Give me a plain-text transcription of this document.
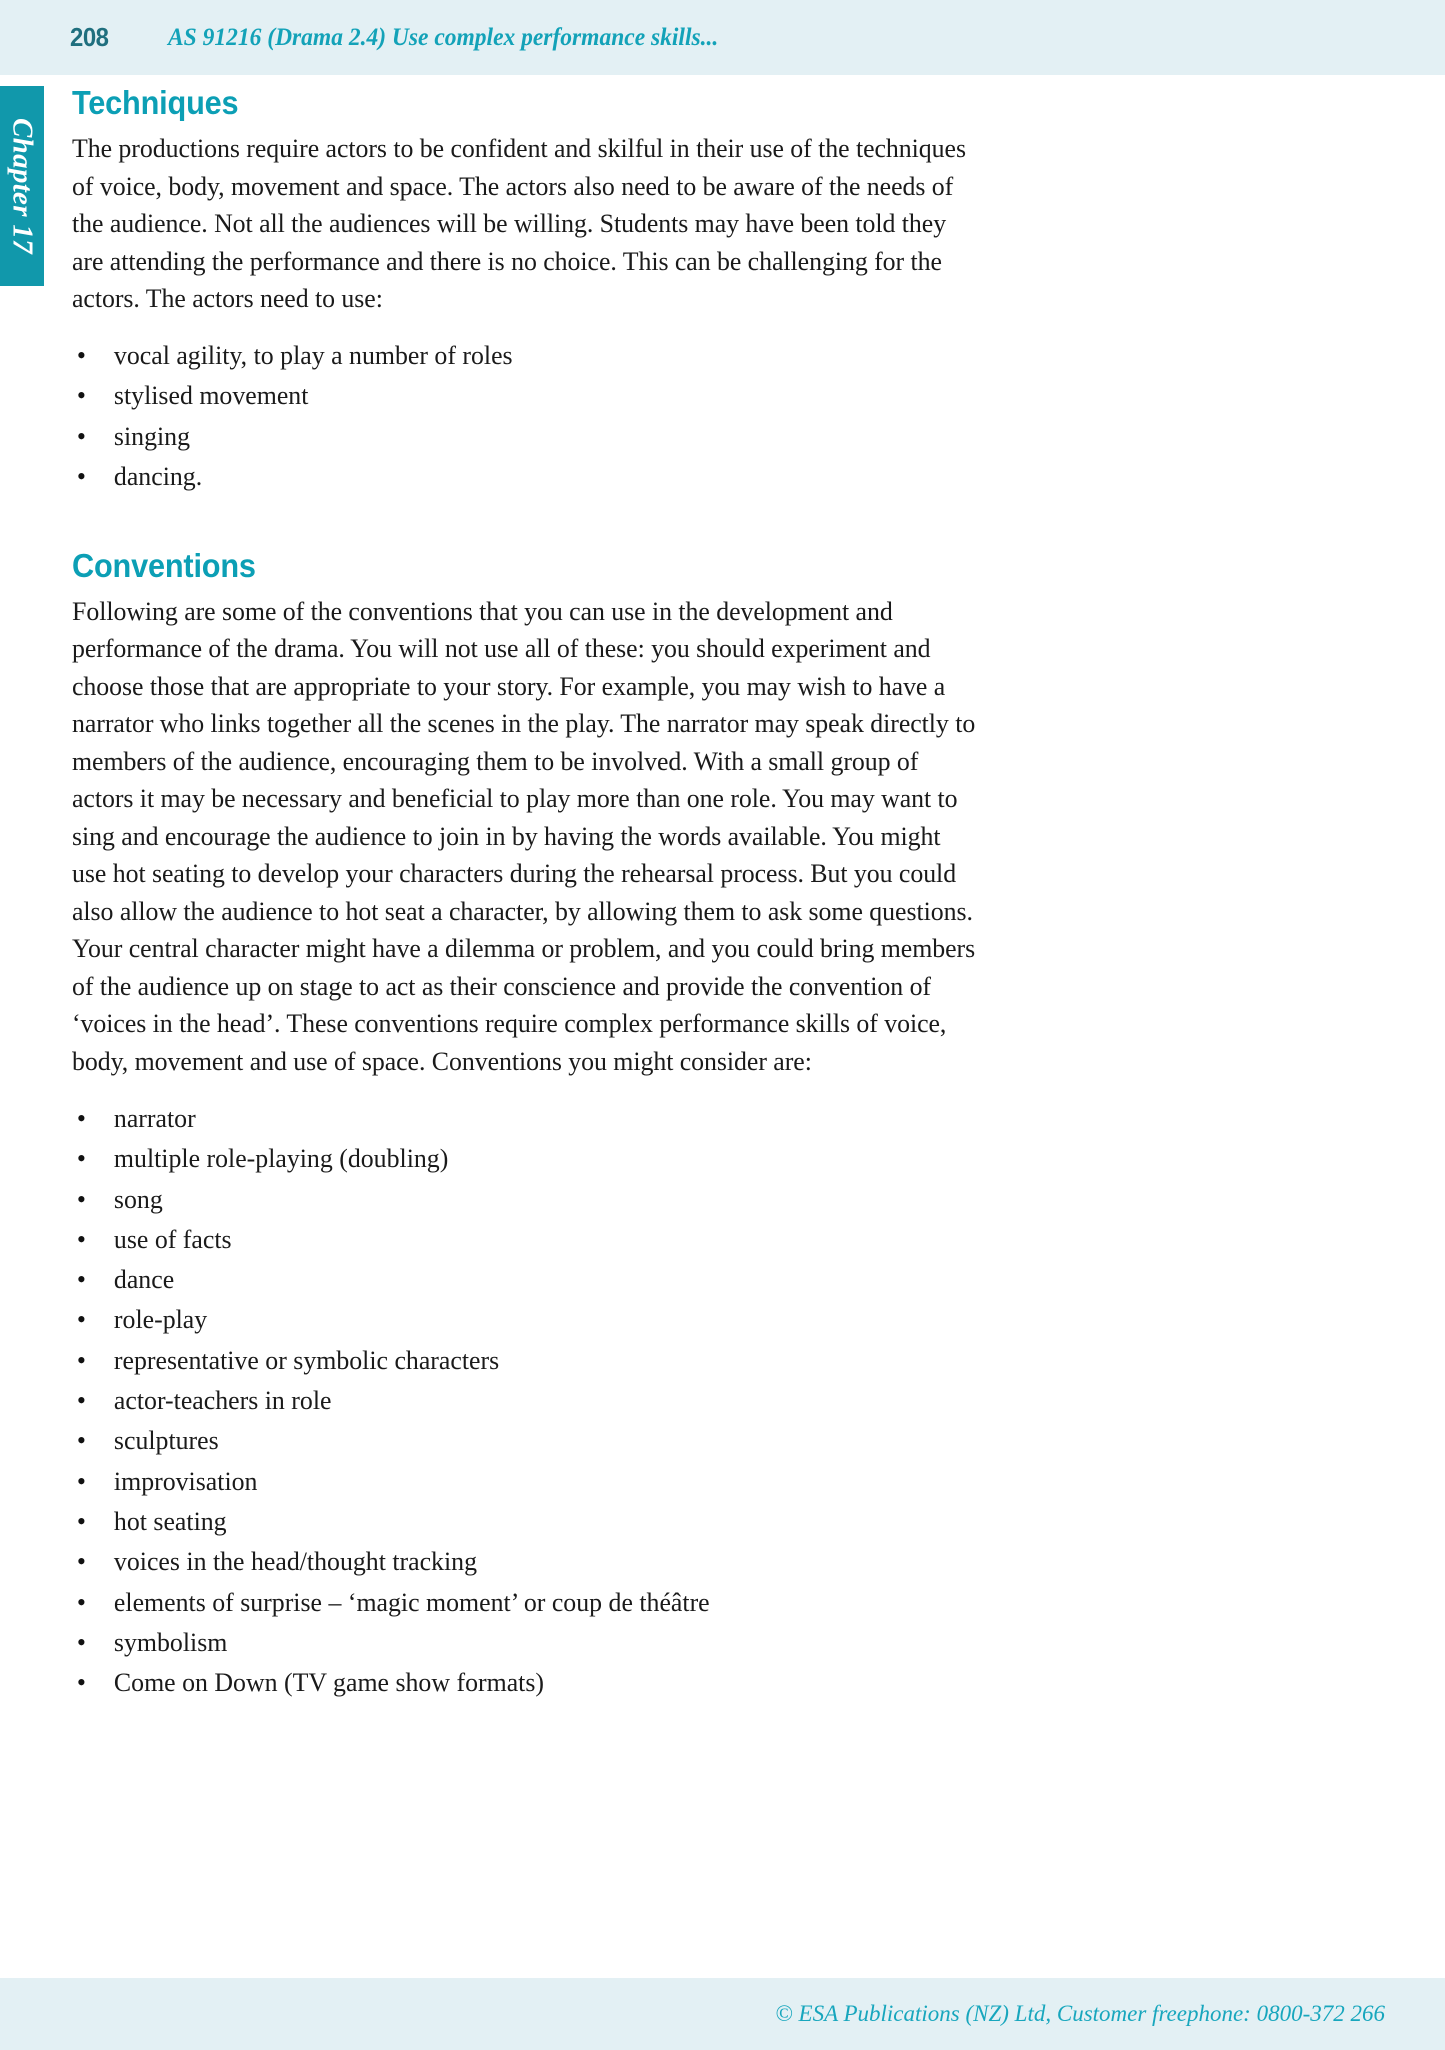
208 AS 91216 (Drama 2.4) Use complex performance skills...
Chapter 17
Techniques

The productions require actors to be confident and skilful in their use of the techniques of voice, body, movement and space. The actors also need to be aware of the needs of the audience. Not all the audiences will be willing. Students may have been told they are attending the performance and there is no choice. This can be challenging for the actors. The actors need to use:

• vocal agility, to play a number of roles
• stylised movement
• singing
• dancing.
Conventions

Following are some of the conventions that you can use in the development and performance of the drama. You will not use all of these: you should experiment and choose those that are appropriate to your story. For example, you may wish to have a narrator who links together all the scenes in the play. The narrator may speak directly to members of the audience, encouraging them to be involved. With a small group of actors it may be necessary and beneficial to play more than one role. You may want to sing and encourage the audience to join in by having the words available. You might use hot seating to develop your characters during the rehearsal process. But you could also allow the audience to hot seat a character, by allowing them to ask some questions. Your central character might have a dilemma or problem, and you could bring members of the audience up on stage to act as their conscience and provide the convention of ‘voices in the head’. These conventions require complex performance skills of voice, body, movement and use of space. Conventions you might consider are:

• narrator
• multiple role-playing (doubling)
• song
• use of facts
• dance
• role-play
• representative or symbolic characters
• actor-teachers in role
• sculptures
• improvisation
• hot seating
• voices in the head/thought tracking
• elements of surprise – ‘magic moment’ or coup de théâtre
• symbolism
• Come on Down (TV game show formats)
© ESA Publications (NZ) Ltd, Customer freephone: 0800-372 266
